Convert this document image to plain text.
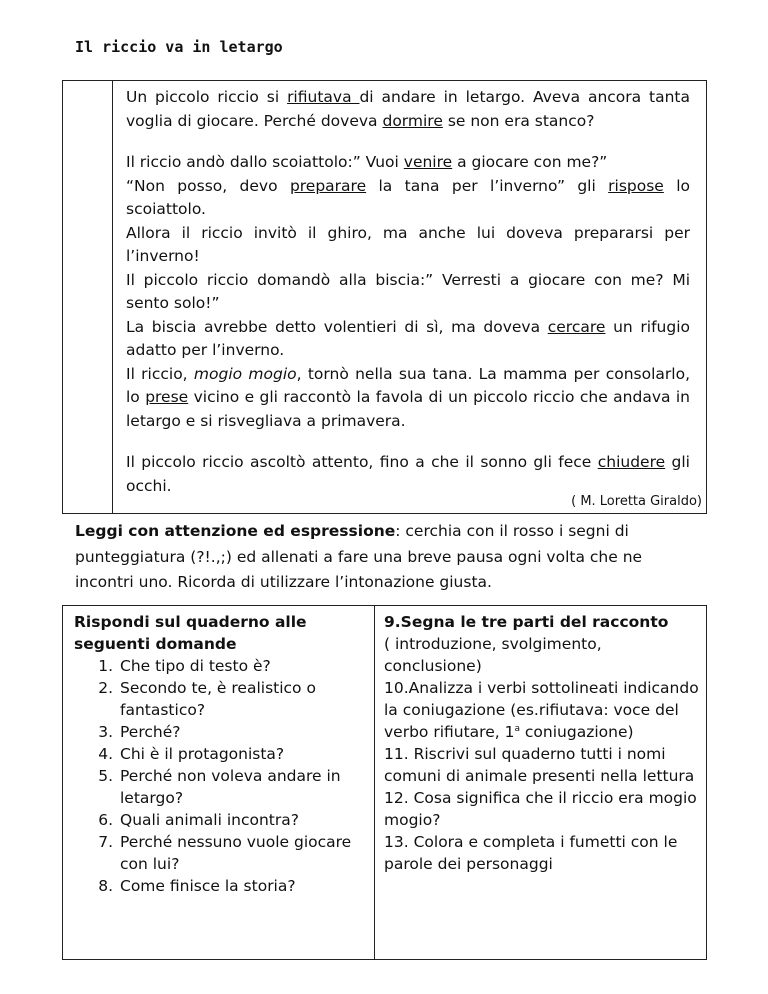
Il riccio va in letargo

Un piccolo riccio si rifiutava di andare in letargo. Aveva ancora tanta voglia di giocare. Perché doveva dormire se non era stanco?

Il riccio andò dallo scoiattolo:” Vuoi venire a giocare con me?”

“Non posso, devo preparare la tana per l’inverno” gli rispose lo scoiattolo.

Allora il riccio invitò il ghiro, ma anche lui doveva prepararsi per l’inverno!

Il piccolo riccio domandò alla biscia:” Verresti a giocare con me? Mi sento solo!”

La biscia avrebbe detto volentieri di sì, ma doveva cercare un rifugio adatto per l’inverno.

Il riccio, mogio mogio, tornò nella sua tana. La mamma per consolarlo, lo prese vicino e gli raccontò la favola di un piccolo riccio che andava in letargo e si risvegliava a primavera.

Il piccolo riccio ascoltò attento, fino a che il sonno gli fece chiudere gli occhi.

( M. Loretta Giraldo)
Leggi con attenzione ed espressione: cerchia con il rosso i segni di punteggiatura (?!.,;) ed allenati a fare una breve pausa ogni volta che ne incontri uno. Ricorda di utilizzare l’intonazione giusta.
Rispondi sul quaderno alle seguenti domande
1. Che tipo di testo è?
2. Secondo te, è realistico o fantastico?
3. Perché?
4. Chi è il protagonista?
5. Perché non voleva andare in letargo?
6. Quali animali incontra?
7. Perché nessuno vuole giocare con lui?
8. Come finisce la storia?
9.Segna le tre parti del racconto

( introduzione, svolgimento, conclusione)

10.Analizza i verbi sottolineati indicando la coniugazione (es.rifiutava: voce del verbo rifiutare, 1$^a$ coniugazione)

11. Riscrivi sul quaderno tutti i nomi comuni di animale presenti nella lettura

12. Cosa significa che il riccio era mogio mogio?

13. Colora e completa i fumetti con le parole dei personaggi
